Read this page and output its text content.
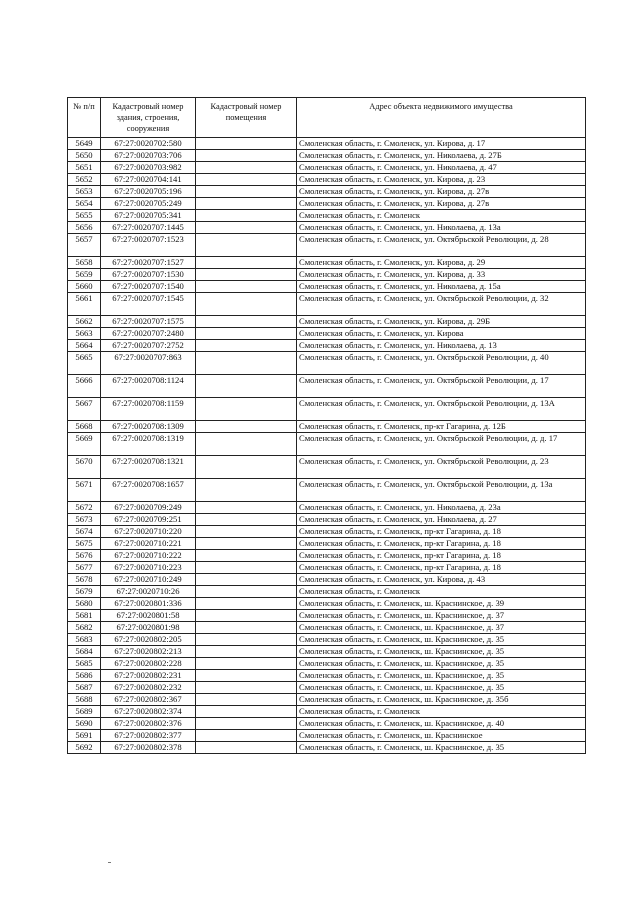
№ п/п	Кадастровый номер здания, строения, сооружения	Кадастровый номер помещения	Адрес объекта недвижимого имущества
5649	67:27:0020702:580		Смоленская область, г. Смоленск, ул. Кирова, д. 17
5650	67:27:0020703:706		Смоленская область, г. Смоленск, ул. Николаева, д. 27Б
5651	67:27:0020703:982		Смоленская область, г. Смоленск, ул. Николаева, д. 47
5652	67:27:0020704:141		Смоленская область, г. Смоленск, ул. Кирова, д. 23
5653	67:27:0020705:196		Смоленская область, г. Смоленск, ул. Кирова, д. 27в
5654	67:27:0020705:249		Смоленская область, г. Смоленск, ул. Кирова, д. 27в
5655	67:27:0020705:341		Смоленская область, г. Смоленск
5656	67:27:0020707:1445		Смоленская область, г. Смоленск, ул. Николаева, д. 13а
5657	67:27:0020707:1523		Смоленская область, г. Смоленск, ул. Октябрьской Революции, д. 28
5658	67:27:0020707:1527		Смоленская область, г. Смоленск, ул. Кирова, д. 29
5659	67:27:0020707:1530		Смоленская область, г. Смоленск, ул. Кирова, д. 33
5660	67:27:0020707:1540		Смоленская область, г. Смоленск, ул. Николаева, д. 15а
5661	67:27:0020707:1545		Смоленская область, г. Смоленск, ул. Октябрьской Революции, д. 32
5662	67:27:0020707:1575		Смоленская область, г. Смоленск, ул. Кирова, д. 29Б
5663	67:27:0020707:2480		Смоленская область, г. Смоленск, ул. Кирова
5664	67:27:0020707:2752		Смоленская область, г. Смоленск, ул. Николаева, д. 13
5665	67:27:0020707:863		Смоленская область, г. Смоленск, ул. Октябрьской Революции, д. 40
5666	67:27:0020708:1124		Смоленская область, г. Смоленск, ул. Октябрьской Революции, д. 17
5667	67:27:0020708:1159		Смоленская область, г. Смоленск, ул. Октябрьской Революции, д. 13А
5668	67:27:0020708:1309		Смоленская область, г. Смоленск, пр-кт Гагарина, д. 12Б
5669	67:27:0020708:1319		Смоленская область, г. Смоленск, ул. Октябрьской Революции, д. д. 17
5670	67:27:0020708:1321		Смоленская область, г. Смоленск, ул. Октябрьской Революции, д. 23
5671	67:27:0020708:1657		Смоленская область, г. Смоленск, ул. Октябрьской Революции, д. 13а
5672	67:27:0020709:249		Смоленская область, г. Смоленск, ул. Николаева, д. 23а
5673	67:27:0020709:251		Смоленская область, г. Смоленск, ул. Николаева, д. 27
5674	67:27:0020710:220		Смоленская область, г. Смоленск, пр-кт Гагарина, д. 18
5675	67:27:0020710:221		Смоленская область, г. Смоленск, пр-кт Гагарина, д. 18
5676	67:27:0020710:222		Смоленская область, г. Смоленск, пр-кт Гагарина, д. 18
5677	67:27:0020710:223		Смоленская область, г. Смоленск, пр-кт Гагарина, д. 18
5678	67:27:0020710:249		Смоленская область, г. Смоленск, ул. Кирова, д. 43
5679	67:27:0020710:26		Смоленская область, г. Смоленск
5680	67:27:0020801:336		Смоленская область, г. Смоленск, ш. Краснинское, д. 39
5681	67:27:0020801:58		Смоленская область, г. Смоленск, ш. Краснинское, д. 37
5682	67:27:0020801:98		Смоленская область, г. Смоленск, ш. Краснинское, д. 37
5683	67:27:0020802:205		Смоленская область, г. Смоленск, ш. Краснинское, д. 35
5684	67:27:0020802:213		Смоленская область, г. Смоленск, ш. Краснинское, д. 35
5685	67:27:0020802:228		Смоленская область, г. Смоленск, ш. Краснинское, д. 35
5686	67:27:0020802:231		Смоленская область, г. Смоленск, ш. Краснинское, д. 35
5687	67:27:0020802:232		Смоленская область, г. Смоленск, ш. Краснинское, д. 35
5688	67:27:0020802:367		Смоленская область, г. Смоленск, ш. Краснинское, д. 35б
5689	67:27:0020802:374		Смоленская область, г. Смоленск
5690	67:27:0020802:376		Смоленская область, г. Смоленск, ш. Краснинское, д. 40
5691	67:27:0020802:377		Смоленская область, г. Смоленск, ш. Краснинское
5692	67:27:0020802:378		Смоленская область, г. Смоленск, ш. Краснинское, д. 35
